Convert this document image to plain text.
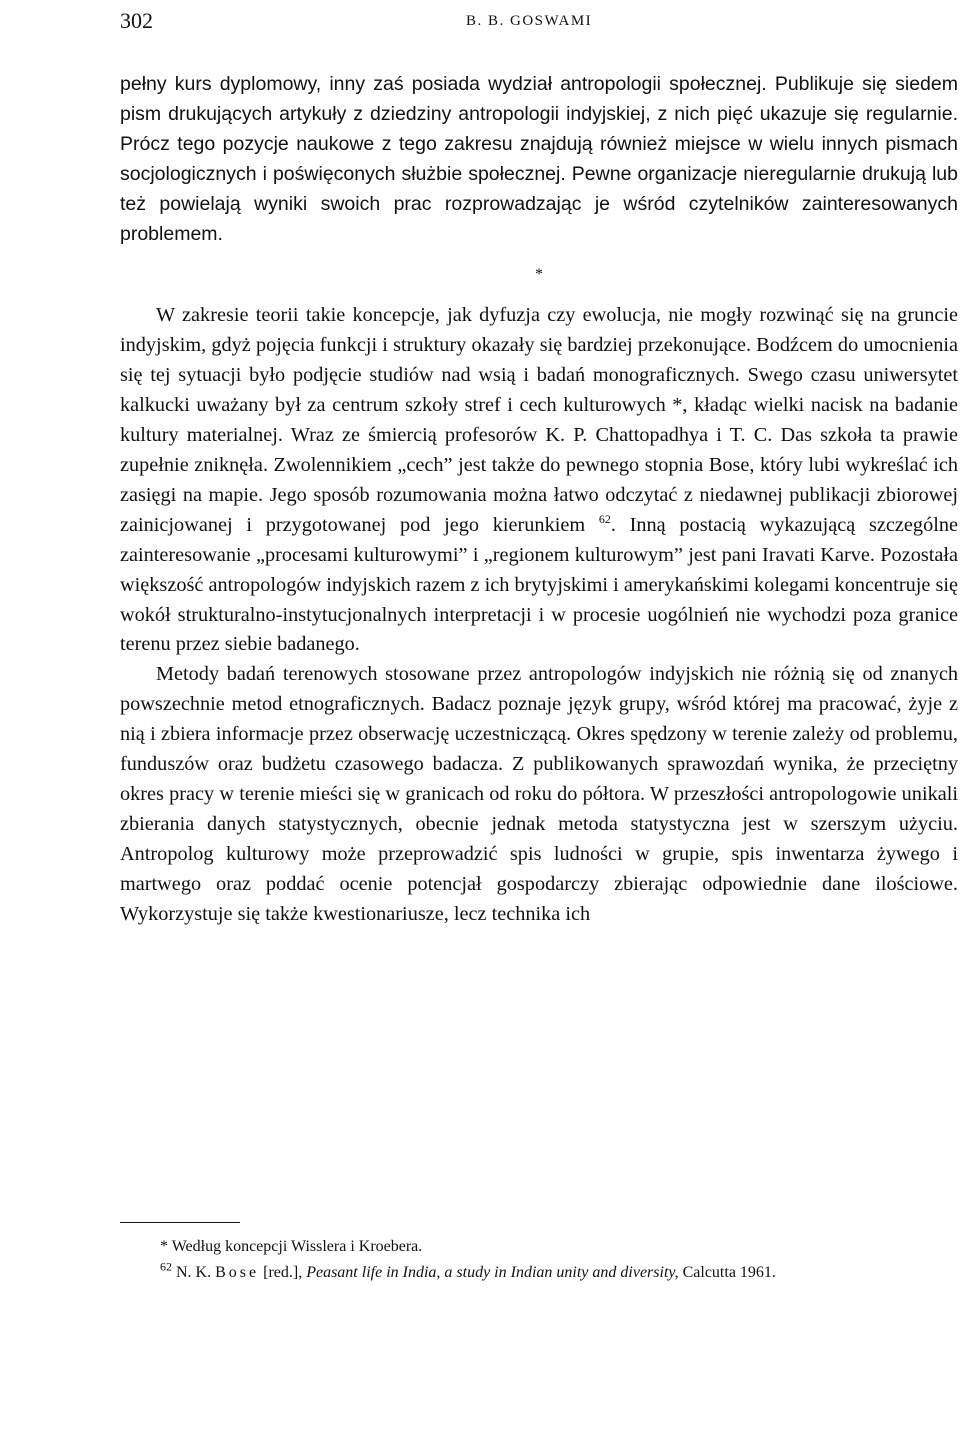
302	B. B. GOSWAMI

pełny kurs dyplomowy, inny zaś posiada wydział antropologii społecznej. Publikuje się siedem pism drukujących artykuły z dziedziny antropologii indyjskiej, z nich pięć ukazuje się regularnie. Prócz tego pozycje naukowe z tego zakresu znajdują również miejsce w wielu innych pismach socjologicznych i poświęconych służbie społecznej. Pewne organizacje nieregularnie drukują lub też powielają wyniki swoich prac rozprowadzając je wśród czytelników zainteresowanych problemem.

*

W zakresie teorii takie koncepcje, jak dyfuzja czy ewolucja, nie mogły rozwinąć się na gruncie indyjskim, gdyż pojęcia funkcji i struktury okazały się bardziej przekonujące. Bodźcem do umocnienia się tej sytuacji było podjęcie studiów nad wsią i badań monograficznych. Swego czasu uniwersytet kalkucki uważany był za centrum szkoły stref i cech kulturowych *, kładąc wielki nacisk na badanie kultury materialnej. Wraz ze śmiercią profesorów K. P. Chattopadhya i T. C. Das szkoła ta prawie zupełnie zniknęła. Zwolennikiem „cech” jest także do pewnego stopnia Bose, który lubi wykreślać ich zasięgi na mapie. Jego sposób rozumowania można łatwo odczytać z niedawnej publikacji zbiorowej zainicjowanej i przygotowanej pod jego kierunkiem $^{62}$. Inną postacią wykazującą szczególne zainteresowanie „procesami kulturowymi” i „regionem kulturowym” jest pani Iravati Karve. Pozostała większość antropologów indyjskich razem z ich brytyjskimi i amerykańskimi kolegami koncentruje się wokół strukturalno-instytucjonalnych interpretacji i w procesie uogólnień nie wychodzi poza granice terenu przez siebie badanego.

Metody badań terenowych stosowane przez antropologów indyjskich nie różnią się od znanych powszechnie metod etnograficznych. Badacz poznaje język grupy, wśród której ma pracować, żyje z nią i zbiera informacje przez obserwację uczestniczącą. Okres spędzony w terenie zależy od problemu, funduszów oraz budżetu czasowego badacza. Z publikowanych sprawozdań wynika, że przeciętny okres pracy w terenie mieści się w granicach od roku do półtora. W przeszłości antropologowie unikali zbierania danych statystycznych, obecnie jednak metoda statystyczna jest w szerszym użyciu. Antropolog kulturowy może przeprowadzić spis ludności w grupie, spis inwentarza żywego i martwego oraz poddać ocenie potencjał gospodarczy zbierając odpowiednie dane ilościowe. Wykorzystuje się także kwestionariusze, lecz technika ich

* Według koncepcji Wisslera i Kroebera.

$^{62}$ N. K. Bose [red.], Peasant life in India, a study in Indian unity and diversity, Calcutta 1961.
